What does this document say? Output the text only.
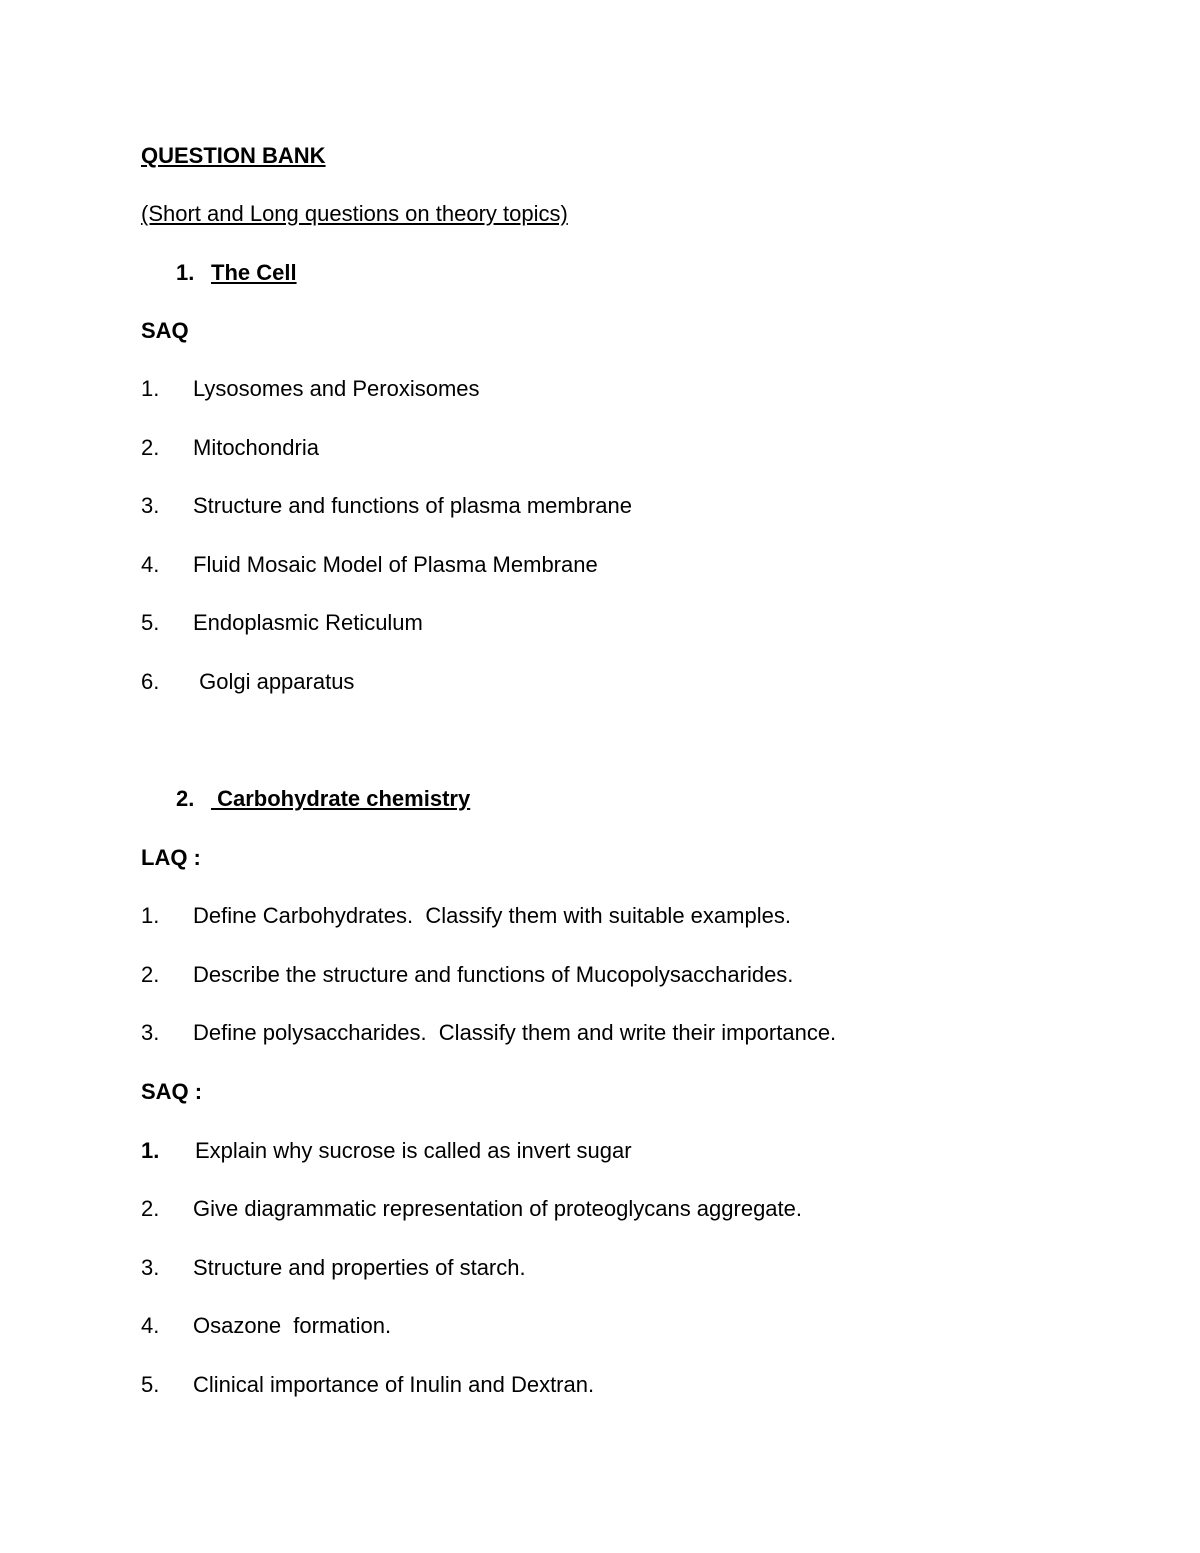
QUESTION BANK
(Short and Long questions on theory topics)

1.

The Cell

SAQ

1.

Lysosomes and Peroxisomes

2.

Mitochondria

3.

Structure and functions of plasma membrane

4.

Fluid Mosaic Model of Plasma Membrane

5.

Endoplasmic Reticulum

6.

Golgi apparatus

2.

Carbohydrate chemistry

LAQ :

1.

Define Carbohydrates.  Classify them with suitable examples.

2.

Describe the structure and functions of Mucopolysaccharides.

3.

Define polysaccharides.  Classify them and write their importance.

SAQ :

1.

Explain why sucrose is called as invert sugar

2.

Give diagrammatic representation of proteoglycans aggregate.

3.

Structure and properties of starch.

4.

Osazone  formation.

5.

Clinical importance of Inulin and Dextran.
